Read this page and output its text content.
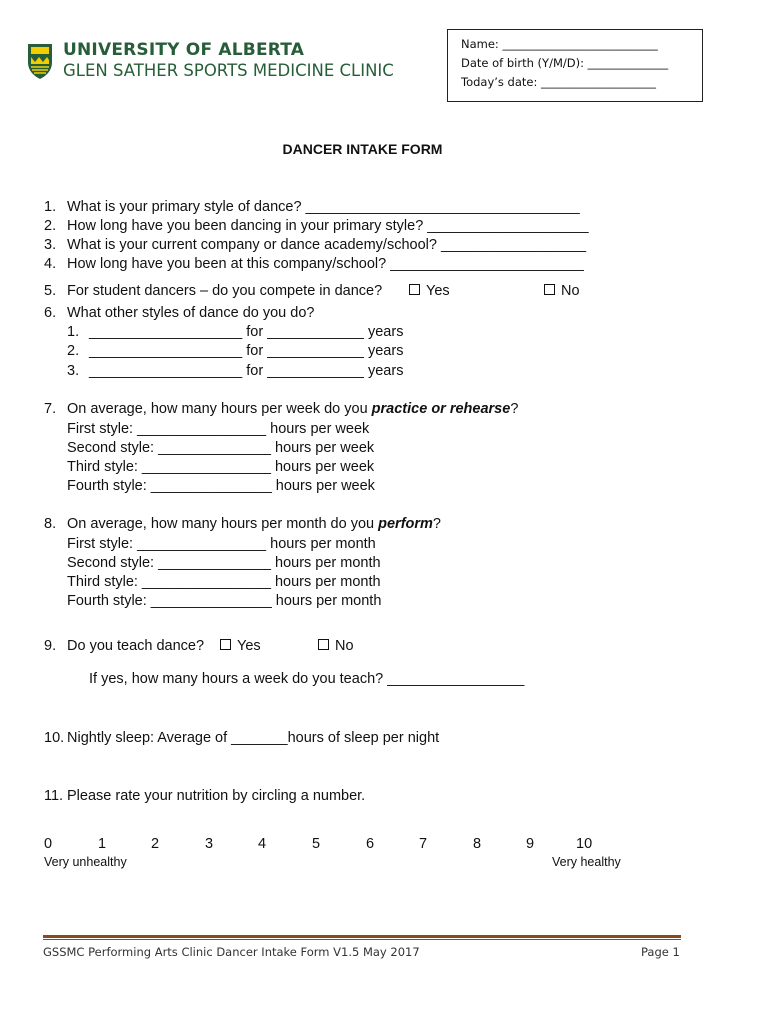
UNIVERSITY OF ALBERTA
GLEN SATHER SPORTS MEDICINE CLINIC
Name: ___________________________
Date of birth (Y/M/D): ______________
Today’s date: ____________________
DANCER INTAKE FORM
1. What is your primary style of dance? __________________________________
2. How long have you been dancing in your primary style? ____________________
3. What is your current company or dance academy/school? __________________
4. How long have you been at this company/school? ________________________
5. For student dancers – do you compete in dance?	Yes	No
6. What other styles of dance do you do?
1. ___________________ for ____________ years
2. ___________________ for ____________ years
3. ___________________ for ____________ years
7. On average, how many hours per week do you practice or rehearse?
First style: ________________ hours per week
Second style: ______________ hours per week
Third style: ________________ hours per week
Fourth style: _______________ hours per week
8. On average, how many hours per month do you perform?
First style: ________________ hours per month
Second style: ______________ hours per month
Third style: ________________ hours per month
Fourth style: _______________ hours per month
9. Do you teach dance?	Yes	No
If yes, how many hours a week do you teach? _________________
10. Nightly sleep: Average of _______hours of sleep per night
11. Please rate your nutrition by circling a number.
0	1	2	3	4	5	6	7	8	9	10
Very unhealthy	Very healthy
GSSMC Performing Arts Clinic Dancer Intake Form V1.5 May 2017	Page 1
